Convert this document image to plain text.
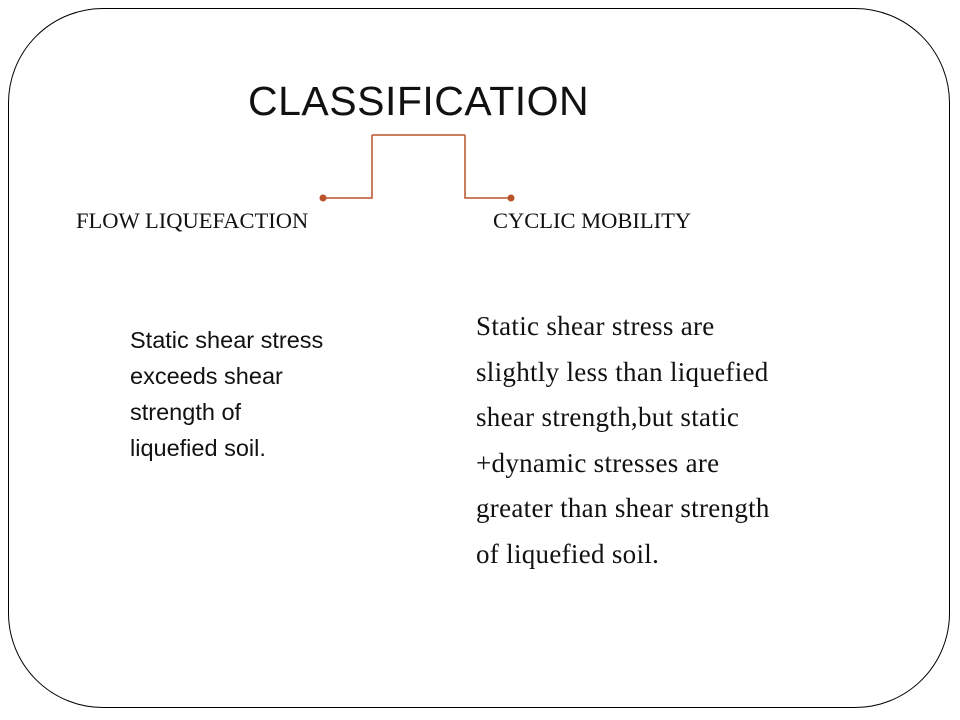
CLASSIFICATION
FLOW LIQUEFACTION	CYCLIC MOBILITY
Static shear stress
exceeds shear
strength of
liquefied soil.
Static shear stress are
slightly less than liquefied
shear strength,but static
+dynamic stresses are
greater than shear strength
of liquefied soil.
